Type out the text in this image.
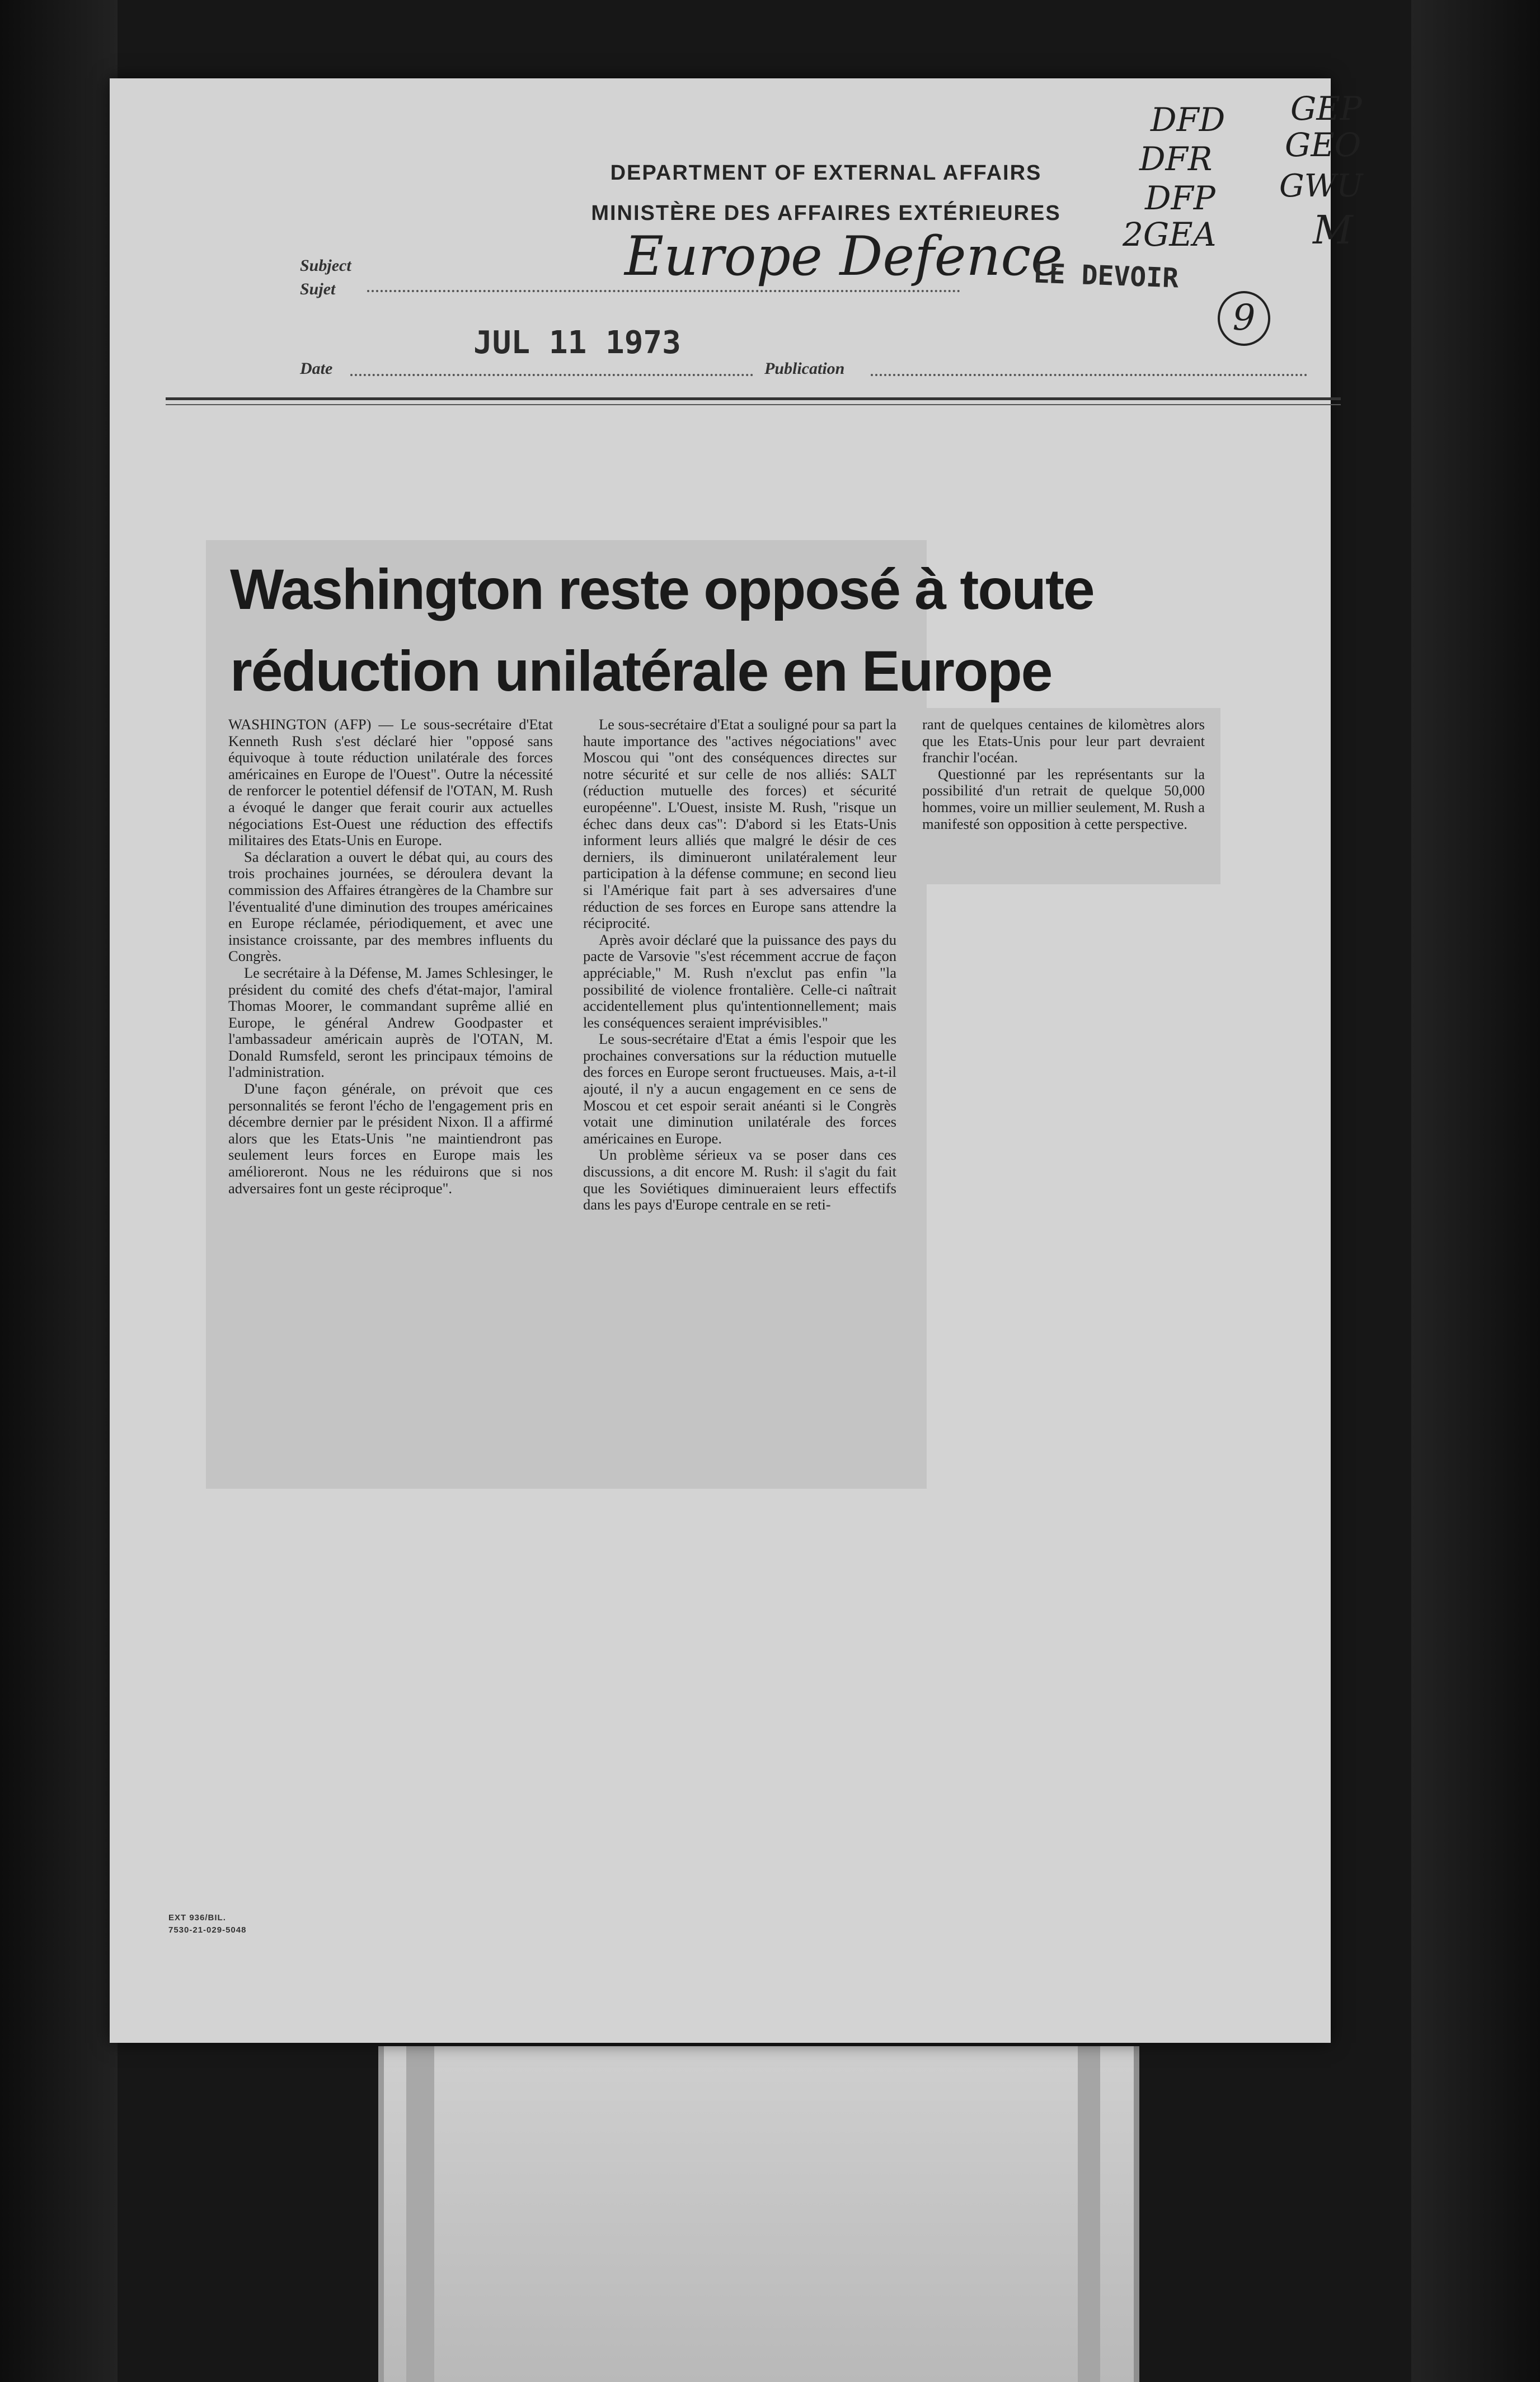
DEPARTMENT OF EXTERNAL AFFAIRS
MINISTÈRE DES AFFAIRES EXTÉRIEURES
DFD
DFR
DFP
2GEA
GEP
GEO
GWU
M
Subject
Sujet
Europe Defence
LE DEVOIR
9
JUL 11 1973
Date	Publication
Washington reste opposé à toute
réduction unilatérale en Europe

WASHINGTON (AFP) — Le sous-secrétaire d'Etat Kenneth Rush s'est déclaré hier "opposé sans équivoque à toute réduction unilatérale des forces américaines en Europe de l'Ouest". Outre la nécessité de renforcer le potentiel défensif de l'OTAN, M. Rush a évoqué le danger que ferait courir aux actuelles négociations Est-Ouest une réduction des effectifs militaires des Etats-Unis en Europe.

Sa déclaration a ouvert le débat qui, au cours des trois prochaines journées, se déroulera devant la commission des Affaires étrangères de la Chambre sur l'éventualité d'une diminution des troupes américaines en Europe réclamée, périodiquement, et avec une insistance croissante, par des membres influents du Congrès.

Le secrétaire à la Défense, M. James Schlesinger, le président du comité des chefs d'état-major, l'amiral Thomas Moorer, le commandant suprême allié en Europe, le général Andrew Goodpaster et l'ambassadeur américain auprès de l'OTAN, M. Donald Rumsfeld, seront les principaux témoins de l'administration.

D'une façon générale, on prévoit que ces personnalités se feront l'écho de l'engagement pris en décembre dernier par le président Nixon. Il a affirmé alors que les Etats-Unis "ne maintiendront pas seulement leurs forces en Europe mais les amélioreront. Nous ne les réduirons que si nos adversaires font un geste réciproque".

Le sous-secrétaire d'Etat a souligné pour sa part la haute importance des "actives négociations" avec Moscou qui "ont des conséquences directes sur notre sécurité et sur celle de nos alliés: SALT (réduction mutuelle des forces) et sécurité européenne". L'Ouest, insiste M. Rush, "risque un échec dans deux cas": D'abord si les Etats-Unis informent leurs alliés que malgré le désir de ces derniers, ils diminueront unilatéralement leur participation à la défense commune; en second lieu si l'Amérique fait part à ses adversaires d'une réduction de ses forces en Europe sans attendre la réciprocité.

Après avoir déclaré que la puissance des pays du pacte de Varsovie "s'est récemment accrue de façon appréciable," M. Rush n'exclut pas enfin "la possibilité de violence frontalière. Celle-ci naîtrait accidentellement plus qu'intentionnellement; mais les conséquences seraient imprévisibles."

Le sous-secrétaire d'Etat a émis l'espoir que les prochaines conversations sur la réduction mutuelle des forces en Europe seront fructueuses. Mais, a-t-il ajouté, il n'y a aucun engagement en ce sens de Moscou et cet espoir serait anéanti si le Congrès votait une diminution unilatérale des forces américaines en Europe.

Un problème sérieux va se poser dans ces discussions, a dit encore M. Rush: il s'agit du fait que les Soviétiques diminueraient leurs effectifs dans les pays d'Europe centrale en se reti-

rant de quelques centaines de kilomètres alors que les Etats-Unis pour leur part devraient franchir l'océan.

Questionné par les représentants sur la possibilité d'un retrait de quelque 50,000 hommes, voire un millier seulement, M. Rush a manifesté son opposition à cette perspective.

EXT 936/BIL.
7530-21-029-5048
